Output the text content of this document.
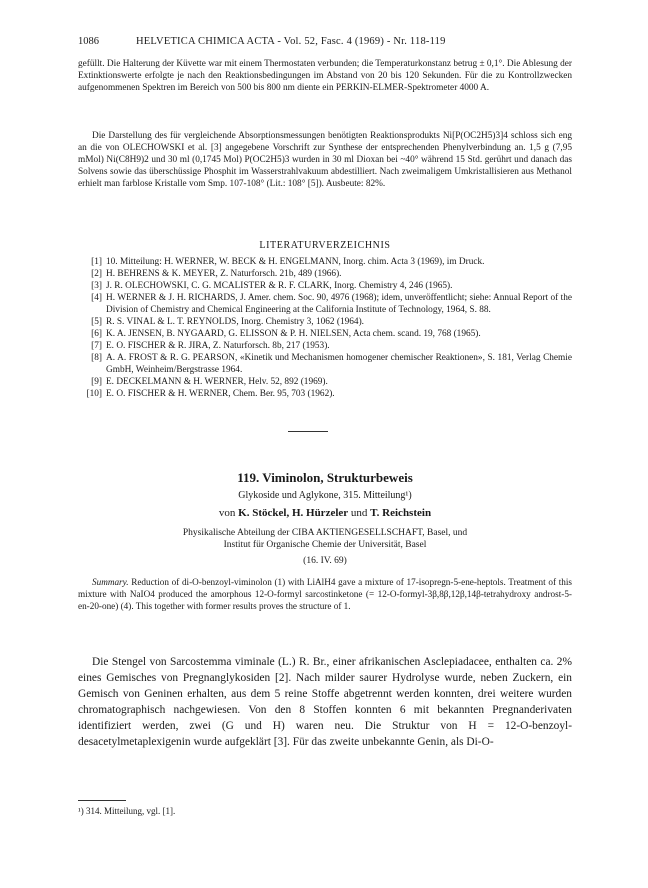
1086	HELVETICA CHIMICA ACTA - Vol. 52, Fasc. 4 (1969) - Nr. 118-119
gefüllt. Die Halterung der Küvette war mit einem Thermostaten verbunden; die Temperaturkonstanz betrug ± 0,1°. Die Ablesung der Extinktionswerte erfolgte je nach den Reaktionsbedingungen im Abstand von 20 bis 120 Sekunden. Für die zu Kontrollzwecken aufgenommenen Spektren im Bereich von 500 bis 800 nm diente ein PERKIN-ELMER-Spektrometer 4000 A.
Die Darstellung des für vergleichende Absorptionsmessungen benötigten Reaktionsprodukts Ni[P(OC2H5)3]4 schloss sich eng an die von OLECHOWSKI et al. [3] angegebene Vorschrift zur Synthese der entsprechenden Phenylverbindung an. 1,5 g (7,95 mMol) Ni(C8H9)2 und 30 ml (0,1745 Mol) P(OC2H5)3 wurden in 30 ml Dioxan bei ~40° während 15 Std. gerührt und danach das Solvens sowie das überschüssige Phosphit im Wasserstrahlvakuum abdestilliert. Nach zweimaligem Umkristallisieren aus Methanol erhielt man farblose Kristalle vom Smp. 107-108° (Lit.: 108° [5]). Ausbeute: 82%.
LITERATURVERZEICHNIS
[1] 10. Mitteilung: H. WERNER, W. BECK & H. ENGELMANN, Inorg. chim. Acta 3 (1969), im Druck.
[2] H. BEHRENS & K. MEYER, Z. Naturforsch. 21b, 489 (1966).
[3] J. R. OLECHOWSKI, C. G. MCALISTER & R. F. CLARK, Inorg. Chemistry 4, 246 (1965).
[4] H. WERNER & J. H. RICHARDS, J. Amer. chem. Soc. 90, 4976 (1968); idem, unveröffentlicht; siehe: Annual Report of the Division of Chemistry and Chemical Engineering at the California Institute of Technology, 1964, S. 88.
[5] R. S. VINAL & L. T. REYNOLDS, Inorg. Chemistry 3, 1062 (1964).
[6] K. A. JENSEN, B. NYGAARD, G. ELISSON & P. H. NIELSEN, Acta chem. scand. 19, 768 (1965).
[7] E. O. FISCHER & R. JIRA, Z. Naturforsch. 8b, 217 (1953).
[8] A. A. FROST & R. G. PEARSON, «Kinetik und Mechanismen homogener chemischer Reaktionen», S. 181, Verlag Chemie GmbH, Weinheim/Bergstrasse 1964.
[9] E. DECKELMANN & H. WERNER, Helv. 52, 892 (1969).
[10] E. O. FISCHER & H. WERNER, Chem. Ber. 95, 703 (1962).
119. Viminolon, Strukturbeweis
Glykoside und Aglykone, 315. Mitteilung¹)
von K. Stöckel, H. Hürzeler und T. Reichstein
Physikalische Abteilung der CIBA AKTIENGESELLSCHAFT, Basel, und
Institut für Organische Chemie der Universität, Basel
(16. IV. 69)
Summary. Reduction of di-O-benzoyl-viminolon (1) with LiAlH4 gave a mixture of 17-isopregn-5-ene-heptols. Treatment of this mixture with NaIO4 produced the amorphous 12-O-formyl sarcostinketone (= 12-O-formyl-3β,8β,12β,14β-tetrahydroxy androst-5-en-20-one) (4). This together with former results proves the structure of 1.
Die Stengel von Sarcostemma viminale (L.) R. Br., einer afrikanischen Asclepiadacee, enthalten ca. 2% eines Gemisches von Pregnanglykosiden [2]. Nach milder saurer Hydrolyse wurde, neben Zuckern, ein Gemisch von Geninen erhalten, aus dem 5 reine Stoffe abgetrennt werden konnten, drei weitere wurden chromatographisch nachgewiesen. Von den 8 Stoffen konnten 6 mit bekannten Pregnanderivaten identifiziert werden, zwei (G und H) waren neu. Die Struktur von H = 12-O-benzoyl-desacetylmetaplexigenin wurde aufgeklärt [3]. Für das zweite unbekannte Genin, als Di-O-
¹) 314. Mitteilung, vgl. [1].
